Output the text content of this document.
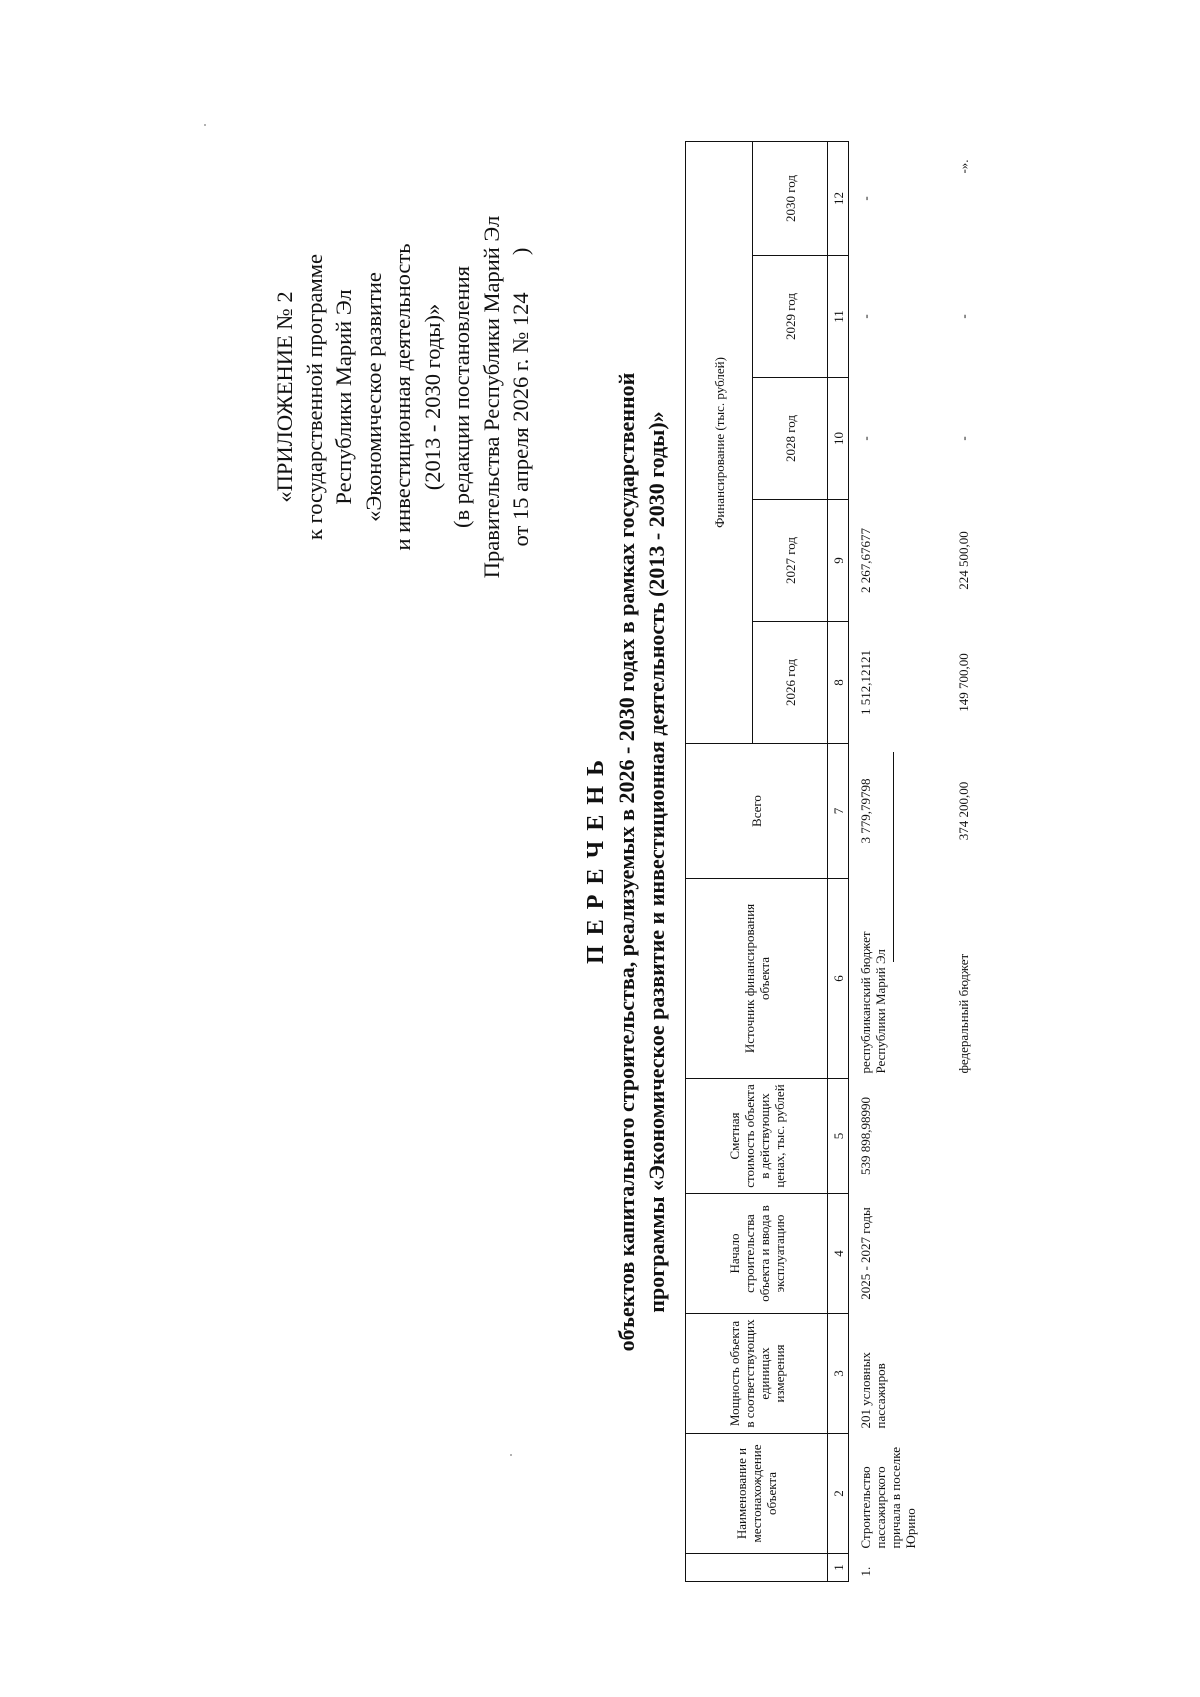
«ПРИЛОЖЕНИЕ № 2 к государственной программе Республики Марий Эл «Экономическое развитие и инвестиционная деятельность (2013 - 2030 годы)» (в редакции постановления Правительства Республики Марий Эл от 15 апреля 2026 г. № 124  )
ПЕРЕЧЕНЬ объектов капитального строительства, реализуемых в 2026 - 2030 годах в рамках государственной программы «Экономическое развитие и инвестиционная деятельность (2013 - 2030 годы)»
	Наименование и местонахождение объекта	Мощность объекта в соответствующих единицах измерения	Начало строительства объекта и ввода в эксплуатацию	Сметная стоимость объекта в действующих ценах, тыс. рублей	Источник финансирования объекта	Всего	Финансирование (тыс. рублей)				
							2026 год	2027 год	2028 год	2029 год	2030 год
1	2	3	4	5	6	7	8	9	10	11	12
1.	Строительство пассажирского причала в поселке Юрино	201 условных пассажиров	2025 - 2027 годы	539 898,98990	республиканский бюджет Республики Марий Эл	3 779,79798	1 512,12121	2 267,67677	-	-	-
					федеральный бюджет	374 200,00	149 700,00	224 500,00	-	-	-».
